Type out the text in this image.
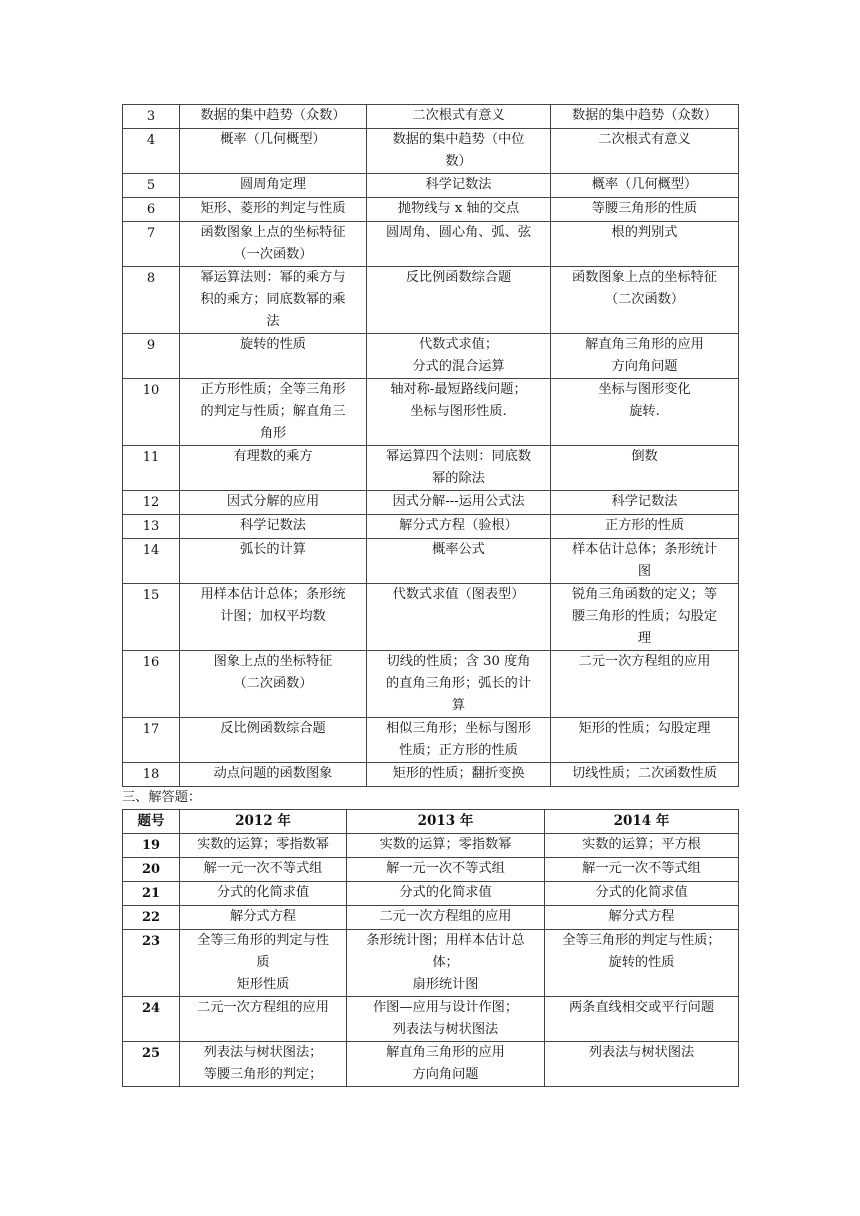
3	数据的集中趋势（众数）	二次根式有意义	数据的集中趋势（众数）

4	概率（几何概型）	数据的集中趋势（中位
数）	二次根式有意义

5	圆周角定理	科学记数法	概率（几何概型）

6	矩形、菱形的判定与性质	抛物线与 x 轴的交点	等腰三角形的性质

7	函数图象上点的坐标特征
（一次函数）	圆周角、圆心角、弧、弦	根的判别式

8	幂运算法则：幂的乘方与
积的乘方；同底数幂的乘
法	反比例函数综合题	函数图象上点的坐标特征
（二次函数）

9	旋转的性质	代数式求值；
分式的混合运算	解直角三角形的应用
方向角问题

10	正方形性质；全等三角形
的判定与性质；解直角三
角形	轴对称-最短路线问题；
坐标与图形性质.	坐标与图形变化
旋转.

11	有理数的乘方	幂运算四个法则：同底数
幂的除法	倒数

12	因式分解的应用	因式分解---运用公式法	科学记数法

13	科学记数法	解分式方程（验根）	正方形的性质

14	弧长的计算	概率公式	样本估计总体；条形统计
图

15	用样本估计总体；条形统
计图；加权平均数	代数式求值（图表型）	锐角三角函数的定义；等
腰三角形的性质；勾股定
理

16	图象上点的坐标特征
（二次函数）	切线的性质；含 30 度角
的直角三角形；弧长的计
算	二元一次方程组的应用

17	反比例函数综合题	相似三角形；坐标与图形
性质；正方形的性质	矩形的性质；勾股定理

18	动点问题的函数图象	矩形的性质；翻折变换	切线性质；二次函数性质

三、解答题：

题号	2012 年	2013 年	2014 年
19	实数的运算；零指数幂	实数的运算；零指数幂	实数的运算；平方根

20	解一元一次不等式组	解一元一次不等式组	解一元一次不等式组

21	分式的化简求值	分式的化简求值	分式的化简求值

22	解分式方程	二元一次方程组的应用	解分式方程

23	全等三角形的判定与性
质
矩形性质	条形统计图；用样本估计总
体；
扇形统计图	全等三角形的判定与性质；
旋转的性质

24	二元一次方程组的应用	作图—应用与设计作图；
列表法与树状图法	两条直线相交或平行问题

25	列表法与树状图法；
等腰三角形的判定；	解直角三角形的应用
方向角问题	列表法与树状图法
